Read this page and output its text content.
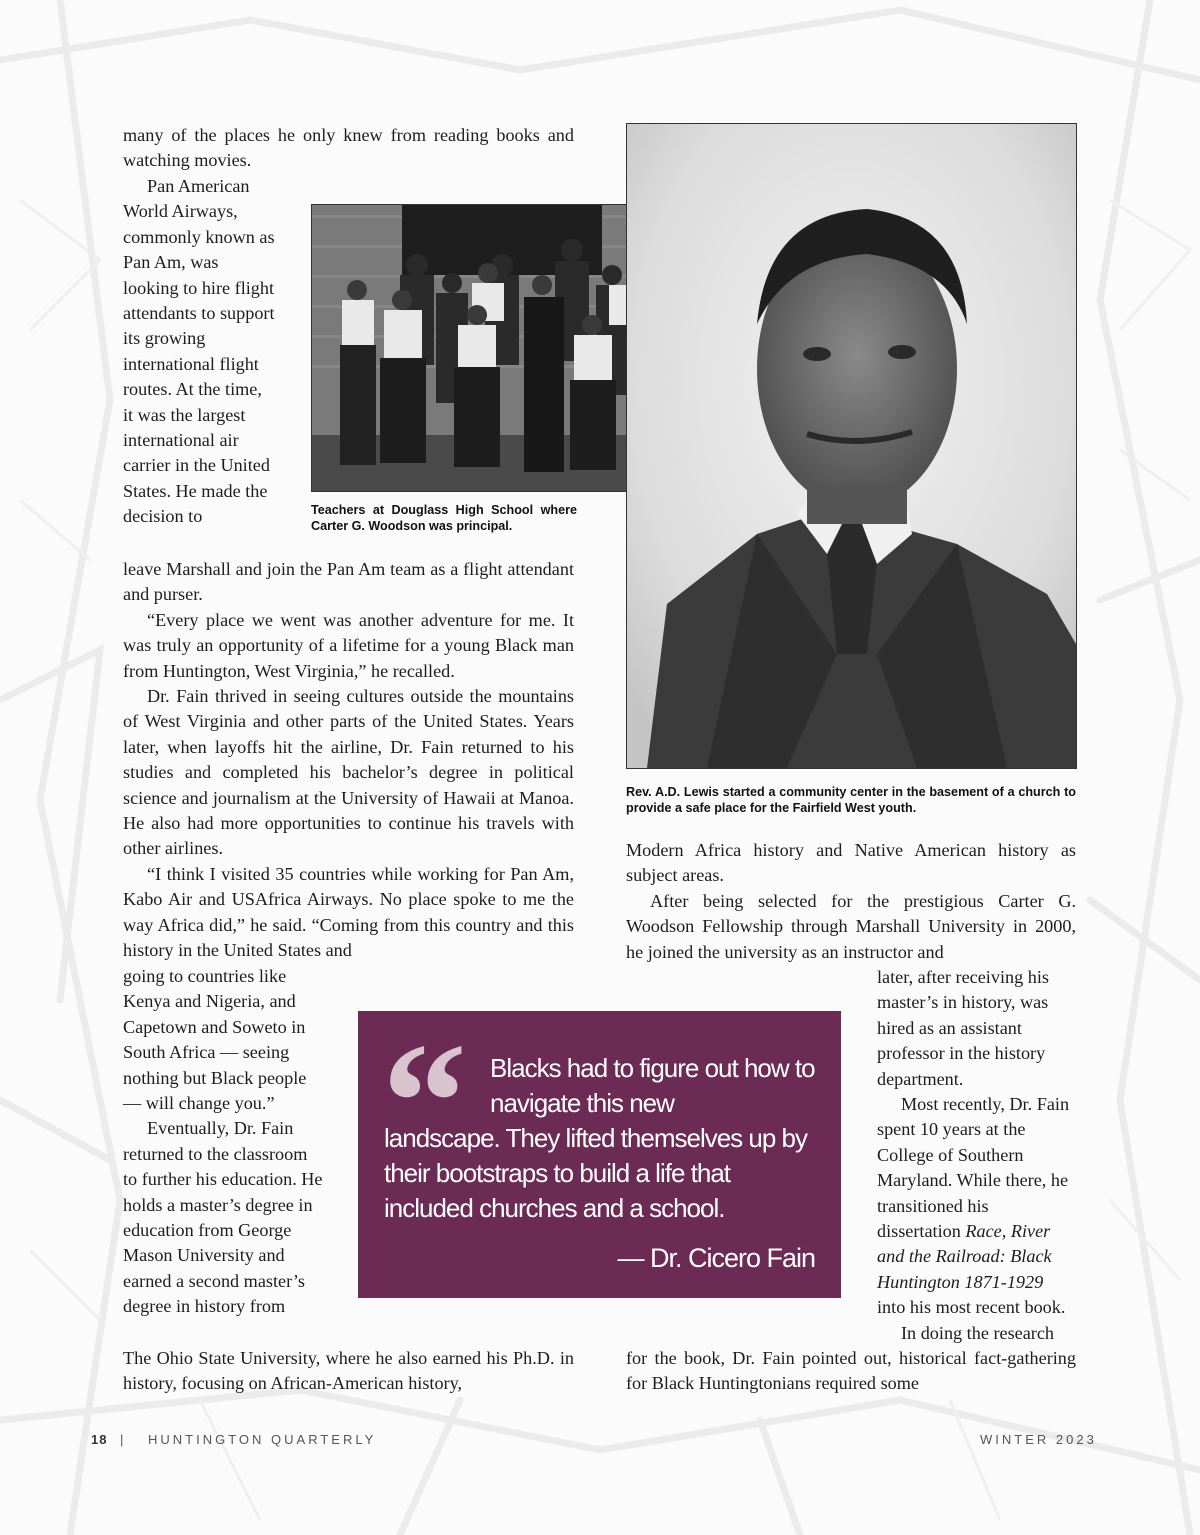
many of the places he only knew from reading books and watching movies.

Pan American World Airways, commonly known as Pan Am, was looking to hire flight attendants to support its growing international flight routes. At the time, it was the largest international air carrier in the United States. He made the decision to

leave Marshall and join the Pan Am team as a flight attendant and purser.

“Every place we went was another adventure for me. It was truly an opportunity of a lifetime for a young Black man from Huntington, West Virginia,” he recalled.

Dr. Fain thrived in seeing cultures outside the mountains of West Virginia and other parts of the United States. Years later, when layoffs hit the airline, Dr. Fain returned to his studies and completed his bachelor’s degree in political science and journalism at the University of Hawaii at Manoa. He also had more opportunities to continue his travels with other airlines.

“I think I visited 35 countries while working for Pan Am, Kabo Air and USAfrica Airways. No place spoke to me the way Africa did,” he said. “Coming from this country and this history in the United States and

going to countries like Kenya and Nigeria, and Capetown and Soweto in South Africa — seeing nothing but Black people — will change you.”

Eventually, Dr. Fain returned to the classroom to further his education. He holds a master’s degree in education from George Mason University and earned a second master’s degree in history from

The Ohio State University, where he also earned his Ph.D. in history, focusing on African-American history,

Teachers at Douglass High School where Carter G. Woodson was principal.
Rev. A.D. Lewis started a community center in the basement of a church to provide a safe place for the Fairfield West youth.

Modern Africa history and Native American history as subject areas.

After being selected for the prestigious Carter G. Woodson Fellowship through Marshall University in 2000, he joined the university as an instructor and

later, after receiving his master’s in history, was hired as an assistant professor in the history department.

Most recently, Dr. Fain spent 10 years at the College of Southern Maryland. While there, he transitioned his dissertation Race, River and the Railroad: Black Huntington 1871-1929 into his most recent book.

In doing the research

for the book, Dr. Fain pointed out, historical fact-gathering for Black Huntingtonians required some

“ Blacks had to figure out how to navigate this new
landscape. They lifted themselves up by their bootstraps to build a life that included churches and a school.
— Dr. Cicero Fain
18 | HUNTINGTON QUARTERLY	WINTER 2023
